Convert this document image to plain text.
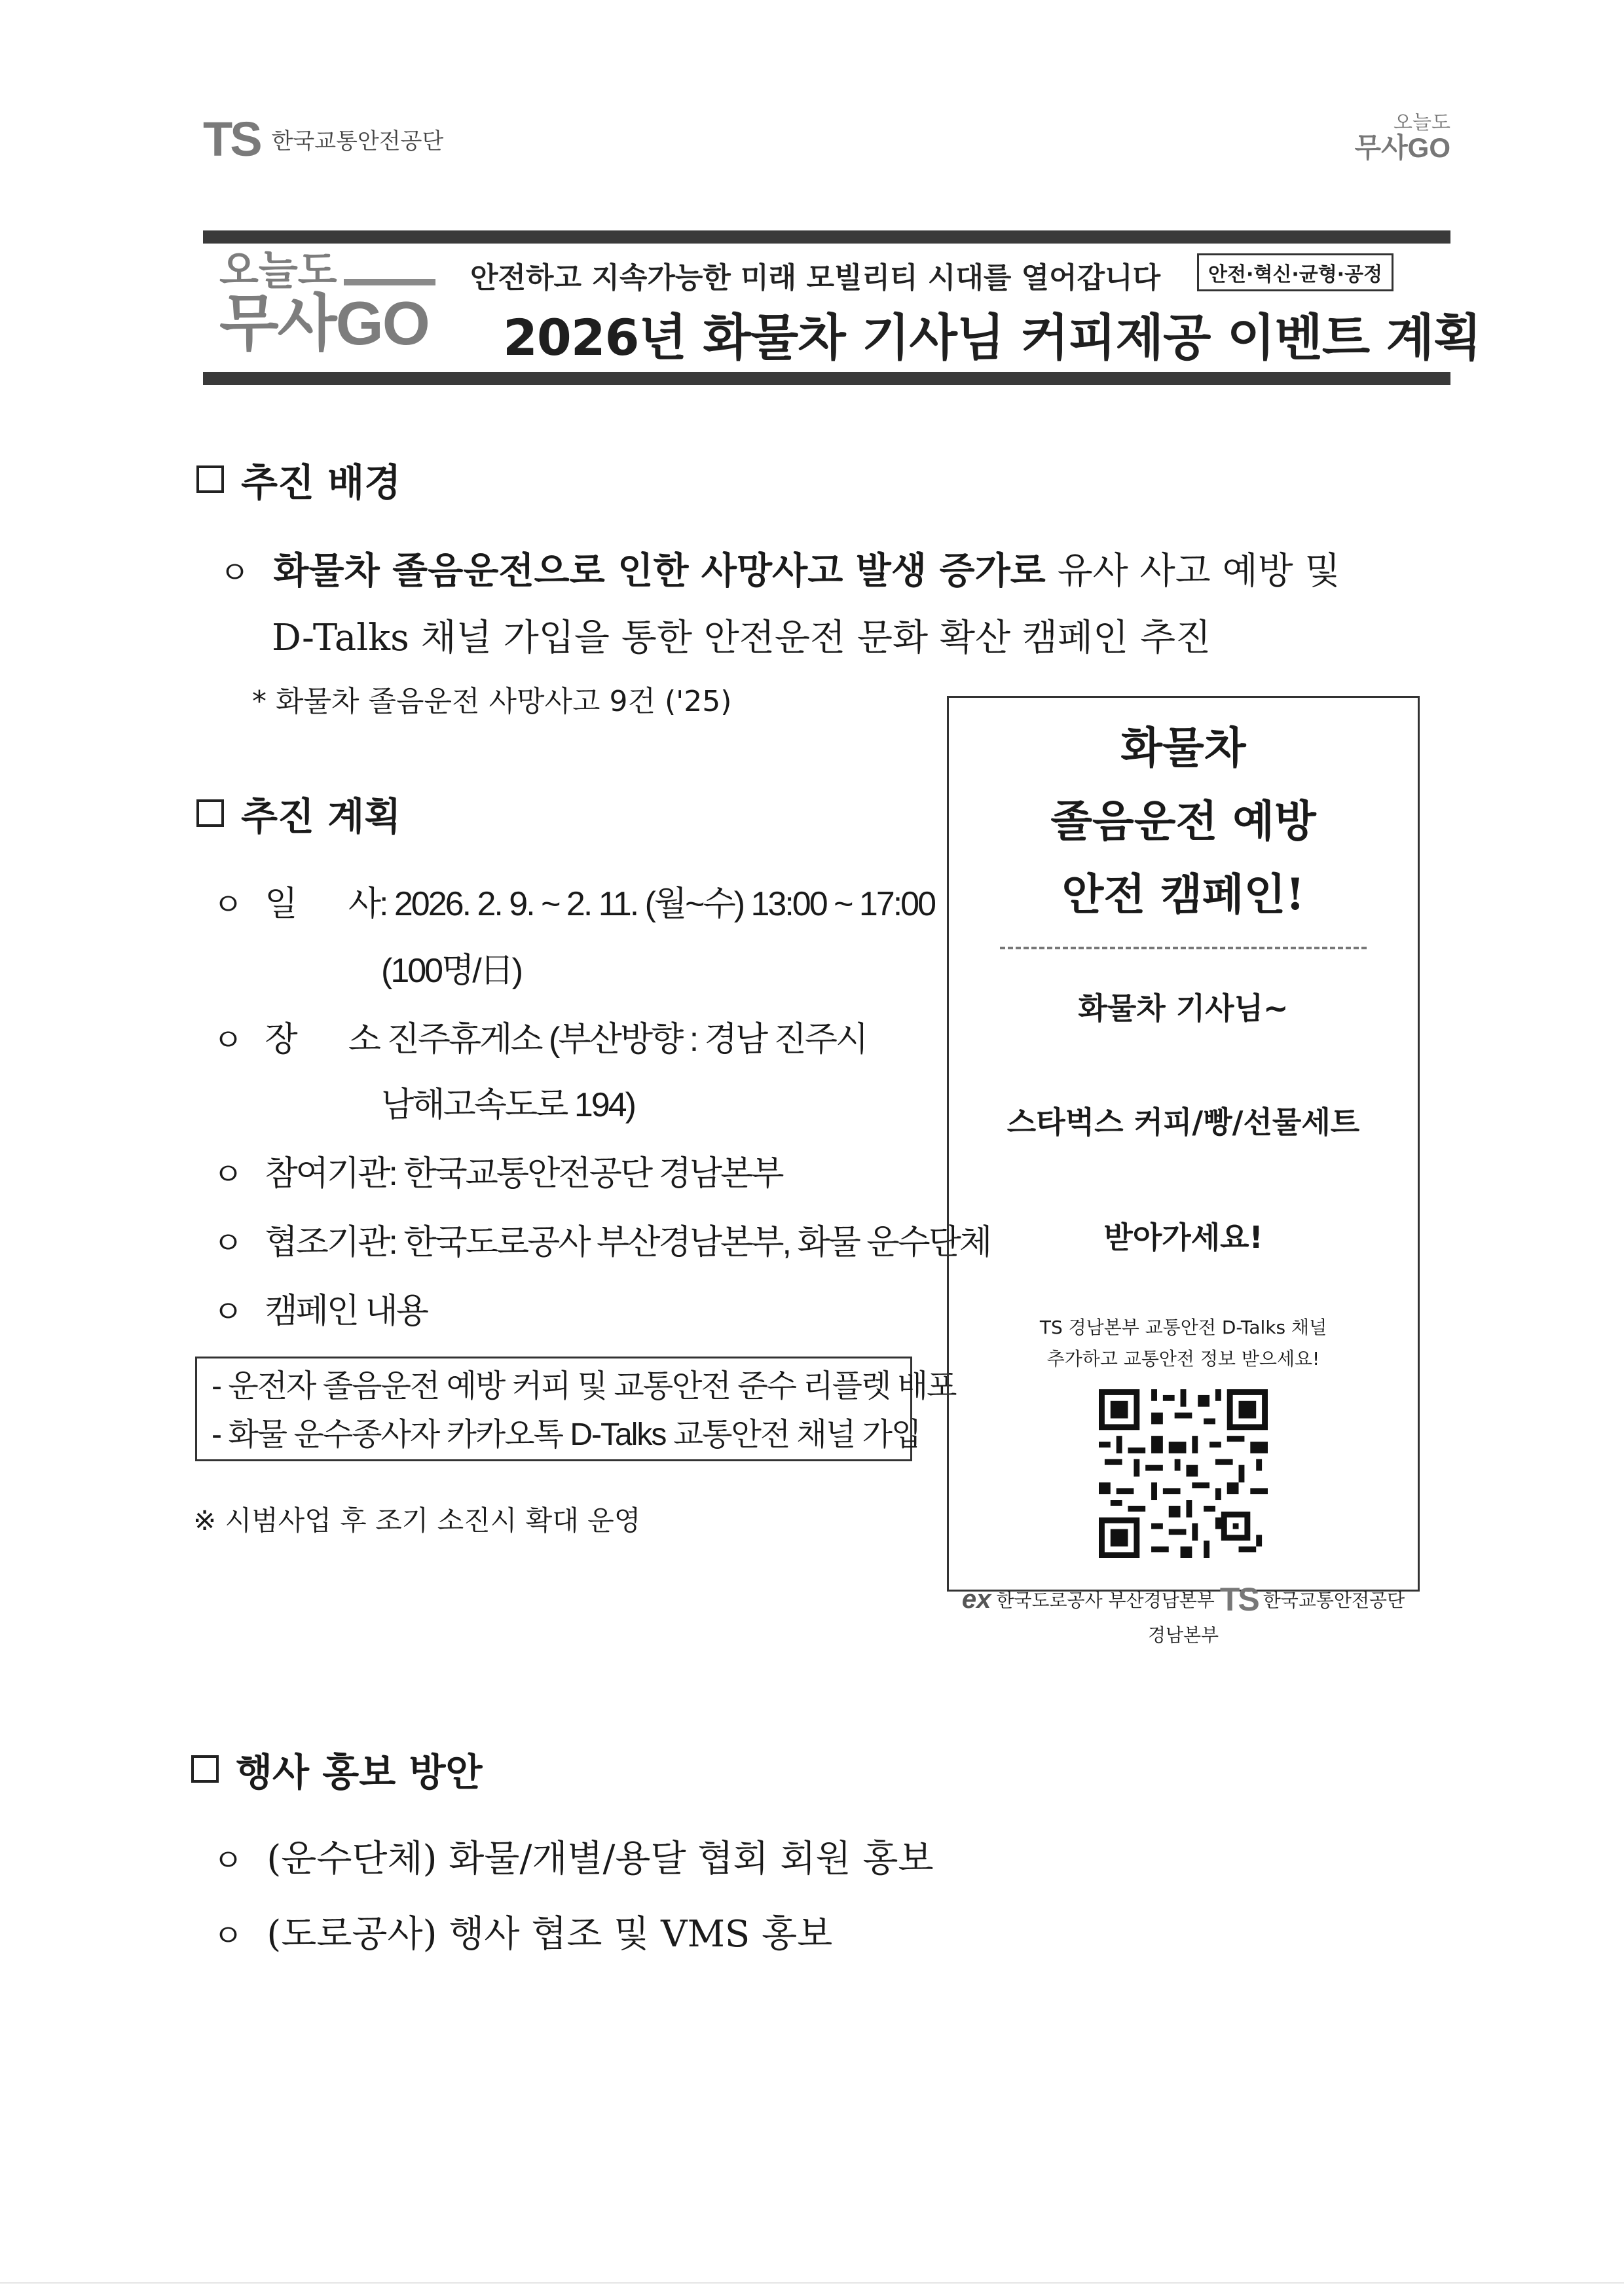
TS 한국교통안전공단
오늘도
무사GO
오늘도
무사GO
안전하고 지속가능한 미래 모빌리티 시대를 열어갑니다	안전·혁신·균형·공정
2026년 화물차 기사님 커피제공 이벤트 계획
추진 배경
ㅇ 화물차 졸음운전으로 인한 사망사고 발생 증가로 유사 사고 예방 및
D-Talks 채널 가입을 통한 안전운전 문화 확산 캠페인 추진
* 화물차 졸음운전 사망사고 9건 ('25)
추진 계획
ㅇ 일       사: 2026. 2. 9. ~ 2. 11. (월~수) 13:00 ~ 17:00
(100명/日)
ㅇ 장       소 진주휴게소 (부산방향 : 경남 진주시
남해고속도로 194)
ㅇ 참여기관: 한국교통안전공단 경남본부
ㅇ 협조기관: 한국도로공사 부산경남본부, 화물 운수단체
ㅇ 캠페인 내용
- 운전자 졸음운전 예방 커피 및 교통안전 준수 리플렛 배포
- 화물 운수종사자 카카오톡 D-Talks 교통안전 채널 가입
※ 시범사업 후 조기 소진시 확대 운영
화물차
졸음운전 예방
안전 캠페인!
화물차 기사님~
스타벅스 커피/빵/선물세트
받아가세요!
TS 경남본부 교통안전 D-Talks 채널
추가하고 교통안전 정보 받으세요!
ex 한국도로공사 부산경남본부 TS 한국교통안전공단
경남본부
행사 홍보 방안
ㅇ (운수단체) 화물/개별/용달 협회 회원 홍보
ㅇ (도로공사) 행사 협조 및 VMS 홍보
